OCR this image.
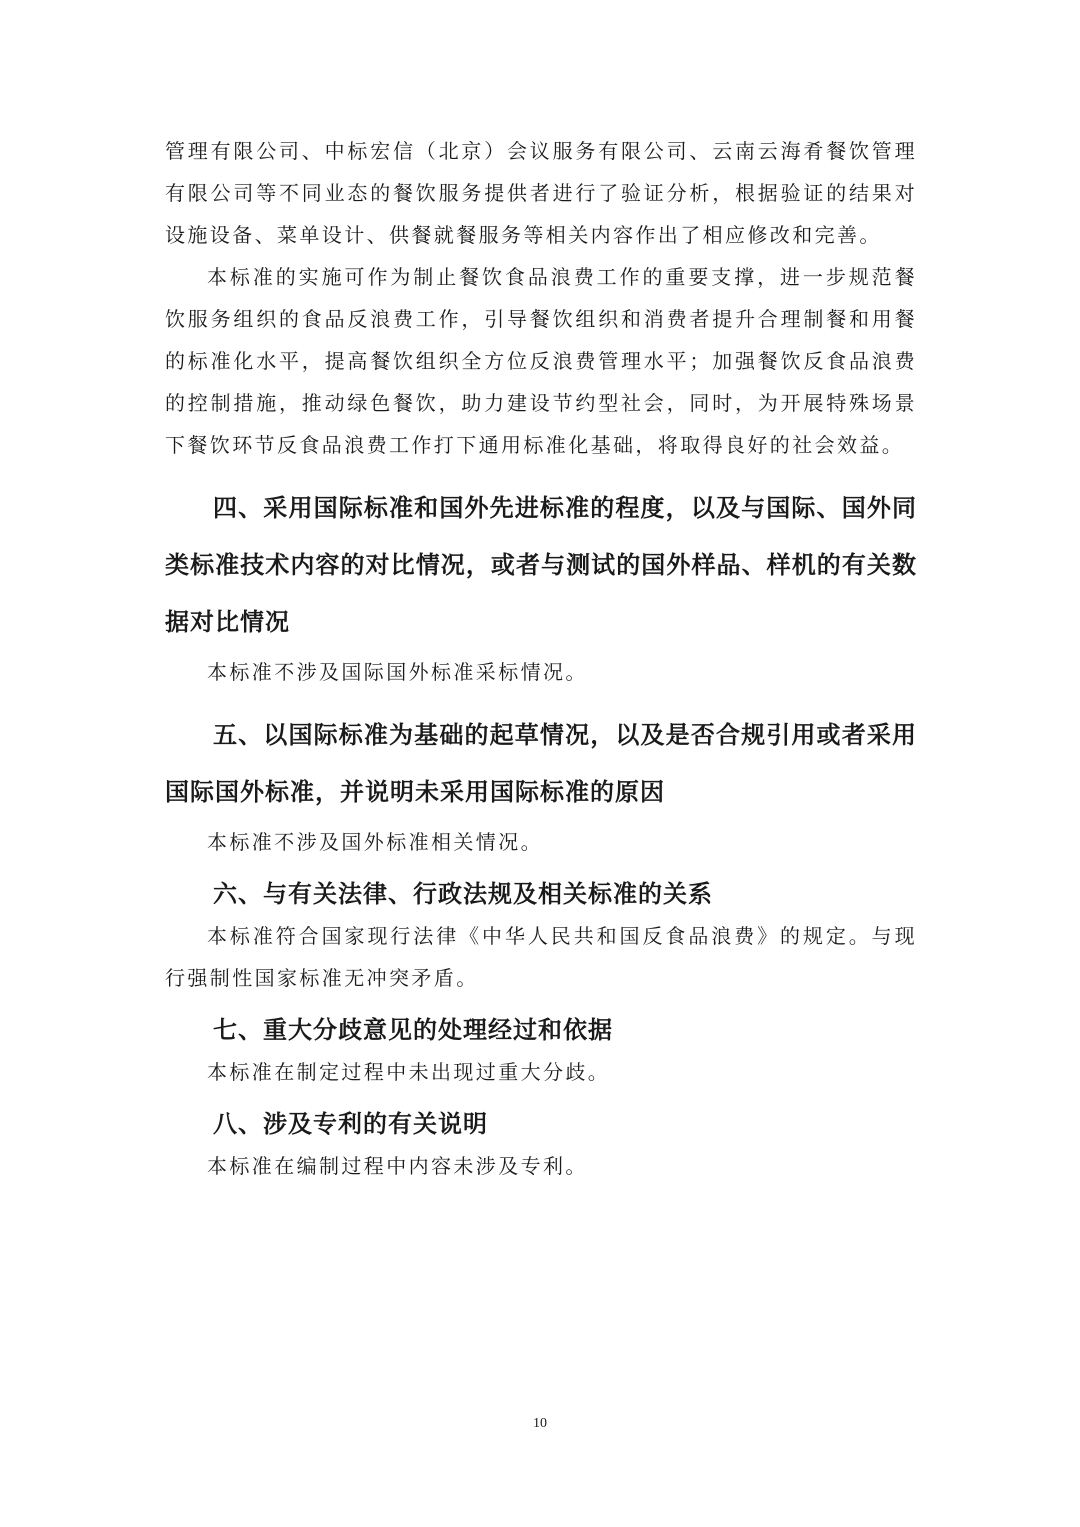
管理有限公司、中标宏信（北京）会议服务有限公司、云南云海肴餐饮管理有限公司等不同业态的餐饮服务提供者进行了验证分析，根据验证的结果对设施设备、菜单设计、供餐就餐服务等相关内容作出了相应修改和完善。

本标准的实施可作为制止餐饮食品浪费工作的重要支撑，进一步规范餐饮服务组织的食品反浪费工作，引导餐饮组织和消费者提升合理制餐和用餐的标准化水平，提高餐饮组织全方位反浪费管理水平；加强餐饮反食品浪费的控制措施，推动绿色餐饮，助力建设节约型社会，同时，为开展特殊场景下餐饮环节反食品浪费工作打下通用标准化基础，将取得良好的社会效益。

四、采用国际标准和国外先进标准的程度，以及与国际、国外同类标准技术内容的对比情况，或者与测试的国外样品、样机的有关数据对比情况

本标准不涉及国际国外标准采标情况。

五、以国际标准为基础的起草情况，以及是否合规引用或者采用国际国外标准，并说明未采用国际标准的原因

本标准不涉及国外标准相关情况。

六、与有关法律、行政法规及相关标准的关系

本标准符合国家现行法律《中华人民共和国反食品浪费》的规定。与现行强制性国家标准无冲突矛盾。

七、重大分歧意见的处理经过和依据

本标准在制定过程中未出现过重大分歧。

八、涉及专利的有关说明

本标准在编制过程中内容未涉及专利。

10
